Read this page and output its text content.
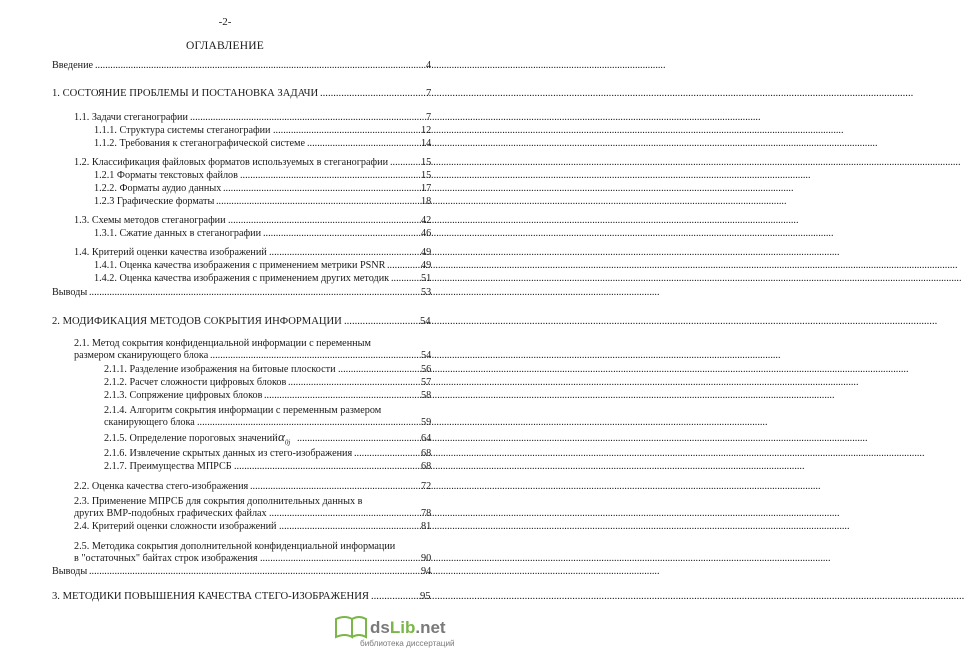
-2-
ОГЛАВЛЕНИЕ
Введение	4
.....
1. СОСТОЯНИЕ ПРОБЛЕМЫ И ПОСТАНОВКА ЗАДАЧИ	7
.....
1.1. Задачи стеганографии	7
.....
1.1.1. Структура системы стеганографии	12
.....
1.1.2. Требования к стеганографической системе	14
.....
1.2. Классификация файловых форматов используемых в стеганографии	15
.....
1.2.1 Форматы текстовых файлов	15
.....
1.2.2. Форматы аудио данных	17
.....
1.2.3 Графические форматы	18
.....
1.3. Схемы методов стеганографии	42
.....
1.3.1. Сжатие данных в стеганографии	46
.....
1.4. Критерий оценки качества изображений	49
.....
1.4.1. Оценка качества изображения с применением метрики PSNR	49
.....
1.4.2. Оценка качества изображения с применением других методик	51
.....
Выводы	53
.....
2. МОДИФИКАЦИЯ МЕТОДОВ СОКРЫТИЯ ИНФОРМАЦИИ	54
.....
2.1. Метод сокрытия конфиденциальной информации с переменным
размером сканирующего блока	54
.....
2.1.1. Разделение изображения на битовые плоскости	56
.....
2.1.2. Расчет сложности цифровых блоков	57
.....
2.1.3. Сопряжение цифровых блоков	58
.....
2.1.4. Алгоритм сокрытия информации с переменным размером
сканирующего блока	59
.....
2.1.5. Определение пороговых значений $\alpha_{0j}$	64
.....
2.1.6. Извлечение скрытых данных из стего-изображения	68
.....
2.1.7. Преимущества МПРСБ	68
.....
2.2. Оценка качества стего-изображения	72
.....
2.3. Применение МПРСБ для сокрытия дополнительных данных в
других ВМР-подобных графических файлах	78
.....
2.4. Критерий оценки сложности изображений	81
.....
2.5. Методика сокрытия дополнительной конфиденциальной информации
в "остаточных" байтах строк изображения	90
.....
Выводы	94
.....
3. МЕТОДИКИ ПОВЫШЕНИЯ КАЧЕСТВА СТЕГО-ИЗОБРАЖЕНИЯ	95
.....
dsLib.net
библиотека диссертаций
